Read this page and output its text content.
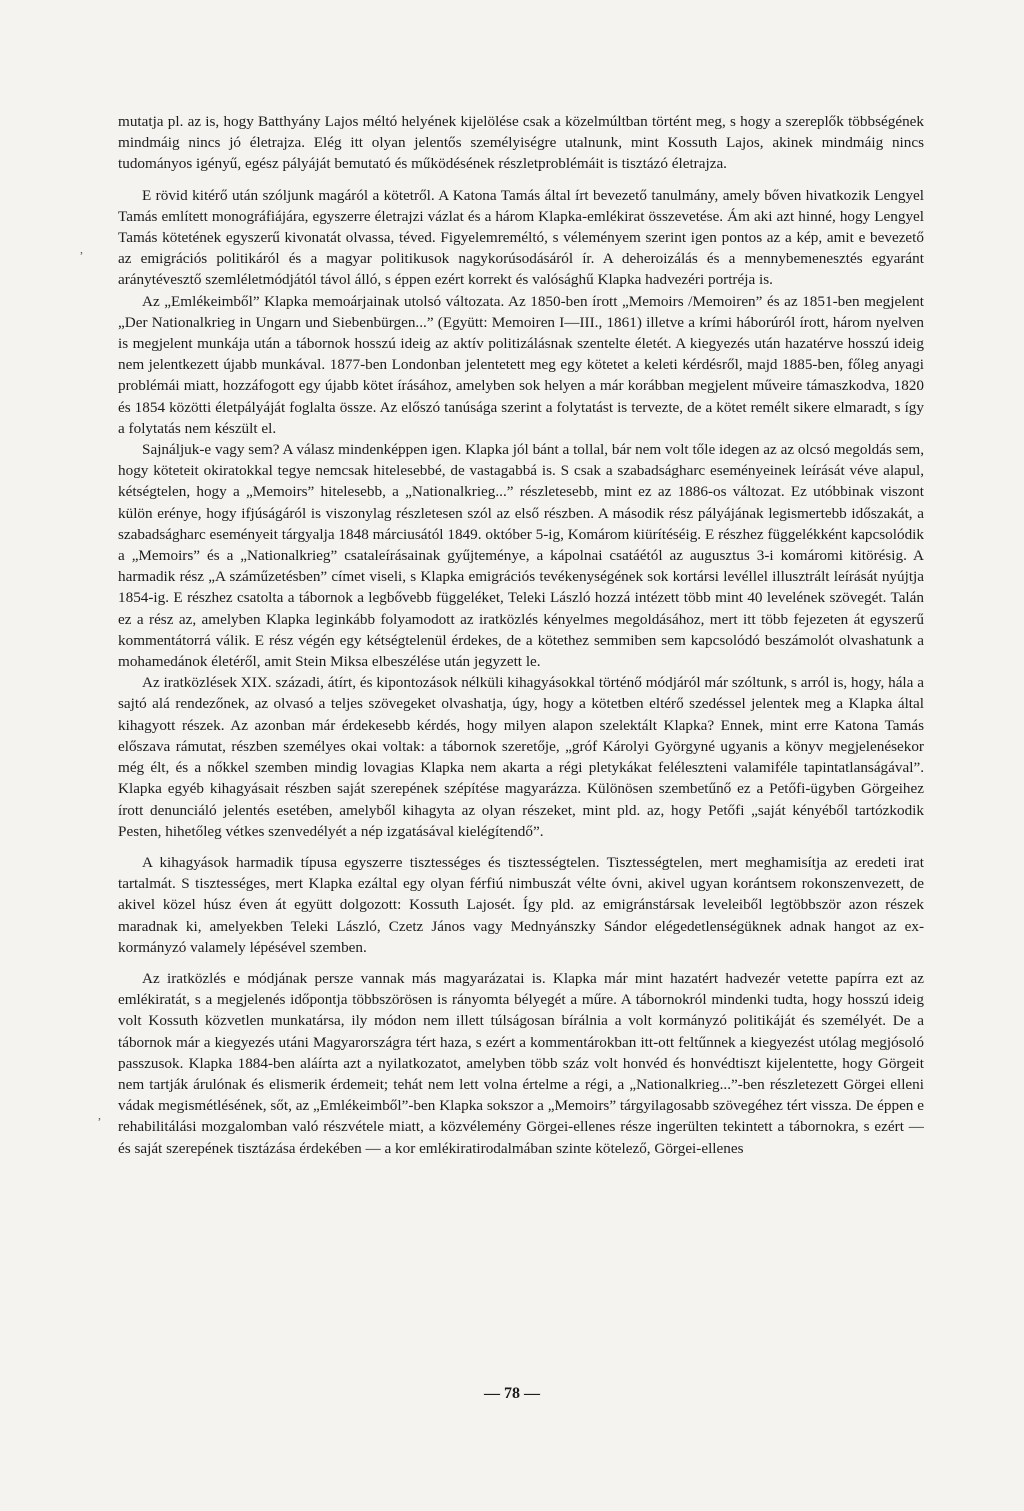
mutatja pl. az is, hogy Batthyány Lajos méltó helyének kijelölése csak a közelmúltban történt meg, s hogy a szereplők többségének mindmáig nincs jó életrajza. Elég itt olyan jelentős személyiségre utalnunk, mint Kossuth Lajos, akinek mindmáig nincs tudományos igényű, egész pályáját bemutató és működésének részletproblémáit is tisztázó életrajza.

E rövid kitérő után szóljunk magáról a kötetről. A Katona Tamás által írt bevezető tanulmány, amely bőven hivatkozik Lengyel Tamás említett monográfiájára, egyszerre életrajzi vázlat és a három Klapka-emlékirat összevetése. Ám aki azt hinné, hogy Lengyel Tamás kötetének egyszerű kivonatát olvassa, téved. Figyelemreméltó, s véleményem szerint igen pontos az a kép, amit e bevezető az emigrációs politikáról és a magyar politikusok nagykorúsodásáról ír. A deheroizálás és a mennybemenesztés egyaránt aránytévesztő szemléletmódjától távol álló, s éppen ezért korrekt és valósághű Klapka hadvezéri portréja is.

Az „Emlékeimből” Klapka memoárjainak utolsó változata. Az 1850-ben írott „Memoirs /Memoiren” és az 1851-ben megjelent „Der Nationalkrieg in Ungarn und Siebenbürgen...” (Együtt: Memoiren I—III., 1861) illetve a krími háborúról írott, három nyelven is megjelent munkája után a tábornok hosszú ideig az aktív politizálásnak szentelte életét. A kiegyezés után hazatérve hosszú ideig nem jelentkezett újabb munkával. 1877-ben Londonban jelentetett meg egy kötetet a keleti kérdésről, majd 1885-ben, főleg anyagi problémái miatt, hozzáfogott egy újabb kötet írásához, amelyben sok helyen a már korábban megjelent műveire támaszkodva, 1820 és 1854 közötti életpályáját foglalta össze. Az előszó tanúsága szerint a folytatást is tervezte, de a kötet remélt sikere elmaradt, s így a folytatás nem készült el.

Sajnáljuk-e vagy sem? A válasz mindenképpen igen. Klapka jól bánt a tollal, bár nem volt tőle idegen az az olcsó megoldás sem, hogy köteteit okiratokkal tegye nemcsak hitelesebbé, de vastagabbá is. S csak a szabadságharc eseményeinek leírását véve alapul, kétségtelen, hogy a „Memoirs” hitelesebb, a „Nationalkrieg...” részletesebb, mint ez az 1886-os változat. Ez utóbbinak viszont külön erénye, hogy ifjúságáról is viszonylag részletesen szól az első részben. A második rész pályájának legismertebb időszakát, a szabadságharc eseményeit tárgyalja 1848 márciusától 1849. október 5-ig, Komárom kiürítéséig. E részhez függelékként kapcsolódik a „Memoirs” és a „Nationalkrieg” csataleírásainak gyűjteménye, a kápolnai csatáétól az augusztus 3-i komáromi kitörésig. A harmadik rész „A száműzetésben” címet viseli, s Klapka emigrációs tevékenységének sok kortársi levéllel illusztrált leírását nyújtja 1854-ig. E részhez csatolta a tábornok a legbővebb függeléket, Teleki László hozzá intézett több mint 40 levelének szövegét. Talán ez a rész az, amelyben Klapka leginkább folyamodott az iratközlés kényelmes megoldásához, mert itt több fejezeten át egyszerű kommentátorrá válik. E rész végén egy kétségtelenül érdekes, de a kötethez semmiben sem kapcsolódó beszámolót olvashatunk a mohamedánok életéről, amit Stein Miksa elbeszélése után jegyzett le.

Az iratközlések XIX. századi, átírt, és kipontozások nélküli kihagyásokkal történő módjáról már szóltunk, s arról is, hogy, hála a sajtó alá rendezőnek, az olvasó a teljes szövegeket olvashatja, úgy, hogy a kötetben eltérő szedéssel jelentek meg a Klapka által kihagyott részek. Az azonban már érdekesebb kérdés, hogy milyen alapon szelektált Klapka? Ennek, mint erre Katona Tamás előszava rámutat, részben személyes okai voltak: a tábornok szeretője, „gróf Károlyi Györgyné ugyanis a könyv megjelenésekor még élt, és a nőkkel szemben mindig lovagias Klapka nem akarta a régi pletykákat feléleszteni valamiféle tapintatlanságával”. Klapka egyéb kihagyásait részben saját szerepének szépítése magyarázza. Különösen szembetűnő ez a Petőfi-ügyben Görgeihez írott denunciáló jelentés esetében, amelyből kihagyta az olyan részeket, mint pld. az, hogy Petőfi „saját kényéből tartózkodik Pesten, hihetőleg vétkes szenvedélyét a nép izgatásával kielégítendő”.

A kihagyások harmadik típusa egyszerre tisztességes és tisztességtelen. Tisztességtelen, mert meghamisítja az eredeti irat tartalmát. S tisztességes, mert Klapka ezáltal egy olyan férfiú nimbuszát vélte óvni, akivel ugyan korántsem rokonszenvezett, de akivel közel húsz éven át együtt dolgozott: Kossuth Lajosét. Így pld. az emigránstársak leveleiből legtöbbször azon részek maradnak ki, amelyekben Teleki László, Czetz János vagy Mednyánszky Sándor elégedetlenségüknek adnak hangot az ex-kormányzó valamely lépésével szemben.

Az iratközlés e módjának persze vannak más magyarázatai is. Klapka már mint hazatért hadvezér vetette papírra ezt az emlékiratát, s a megjelenés időpontja többszörösen is rányomta bélyegét a műre. A tábornokról mindenki tudta, hogy hosszú ideig volt Kossuth közvetlen munkatársa, ily módon nem illett túlságosan bírálnia a volt kormányzó politikáját és személyét. De a tábornok már a kiegyezés utáni Magyarországra tért haza, s ezért a kommentárokban itt-ott feltűnnek a kiegyezést utólag megjósoló passzusok. Klapka 1884-ben aláírta azt a nyilatkozatot, amelyben több száz volt honvéd és honvédtiszt kijelentette, hogy Görgeit nem tartják árulónak és elismerik érdemeit; tehát nem lett volna értelme a régi, a „Nationalkrieg...”-ben részletezett Görgei elleni vádak megismétlésének, sőt, az „Emlékeimből”-ben Klapka sokszor a „Memoirs” tárgyilagosabb szövegéhez tért vissza. De éppen e rehabilitálási mozgalomban való részvétele miatt, a közvélemény Görgei-ellenes része ingerülten tekintett a tábornokra, s ezért — és saját szerepének tisztázása érdekében — a kor emlékiratirodalmában szinte kötelező, Görgei-ellenes

— 78 —
,
,
